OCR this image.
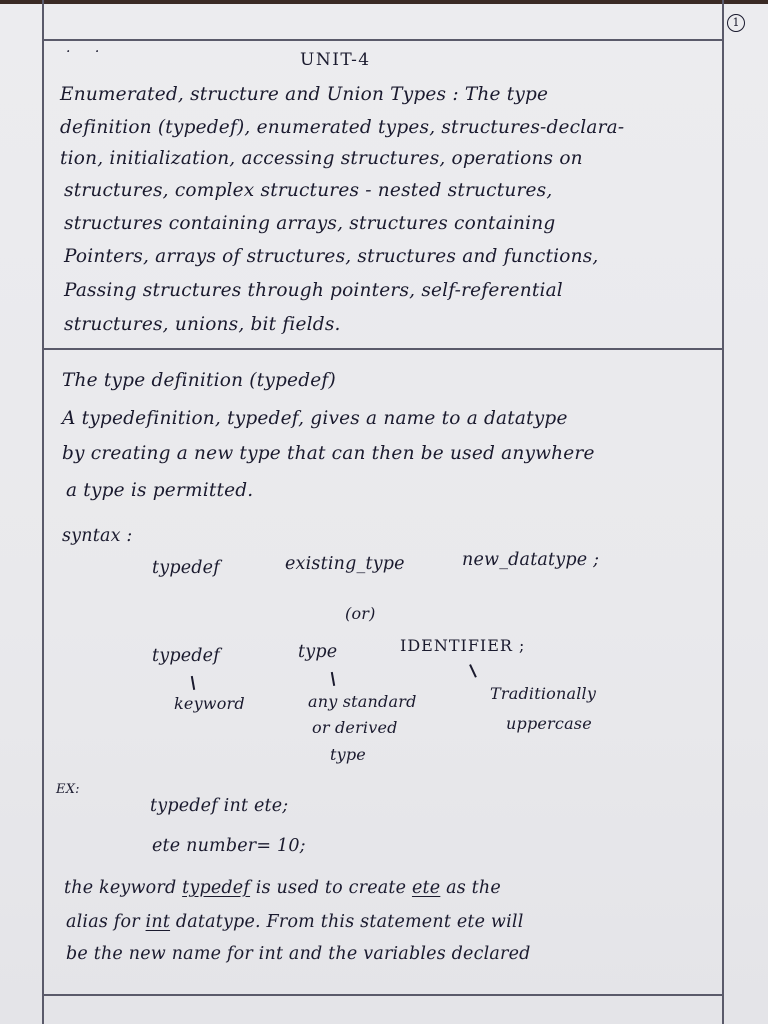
1
· ·	UNIT-4
Enumerated, structure and Union Types : The type
definition (typedef), enumerated types, structures-declara-
tion, initialization, accessing structures, operations on
structures, complex structures - nested structures,
structures containing arrays, structures containing
Pointers, arrays of structures, structures and functions,
Passing structures through pointers, self-referential
structures, unions, bit fields.
The type definition (typedef)
A typedefinition, typedef, gives a name to a datatype
by creating a new type that can then be used anywhere
a type is permitted.
syntax :
typedef	existing_type	new_datatype ;
(or)
typedef	type	IDENTIFIER ;
keyword	any standard
or derived
type
Traditionally
uppercase
EX:
typedef int ete;
ete number= 10;
the keyword typedef is used to create ete as the
alias for int datatype. From this statement ete will
be the new name for int and the variables declared
